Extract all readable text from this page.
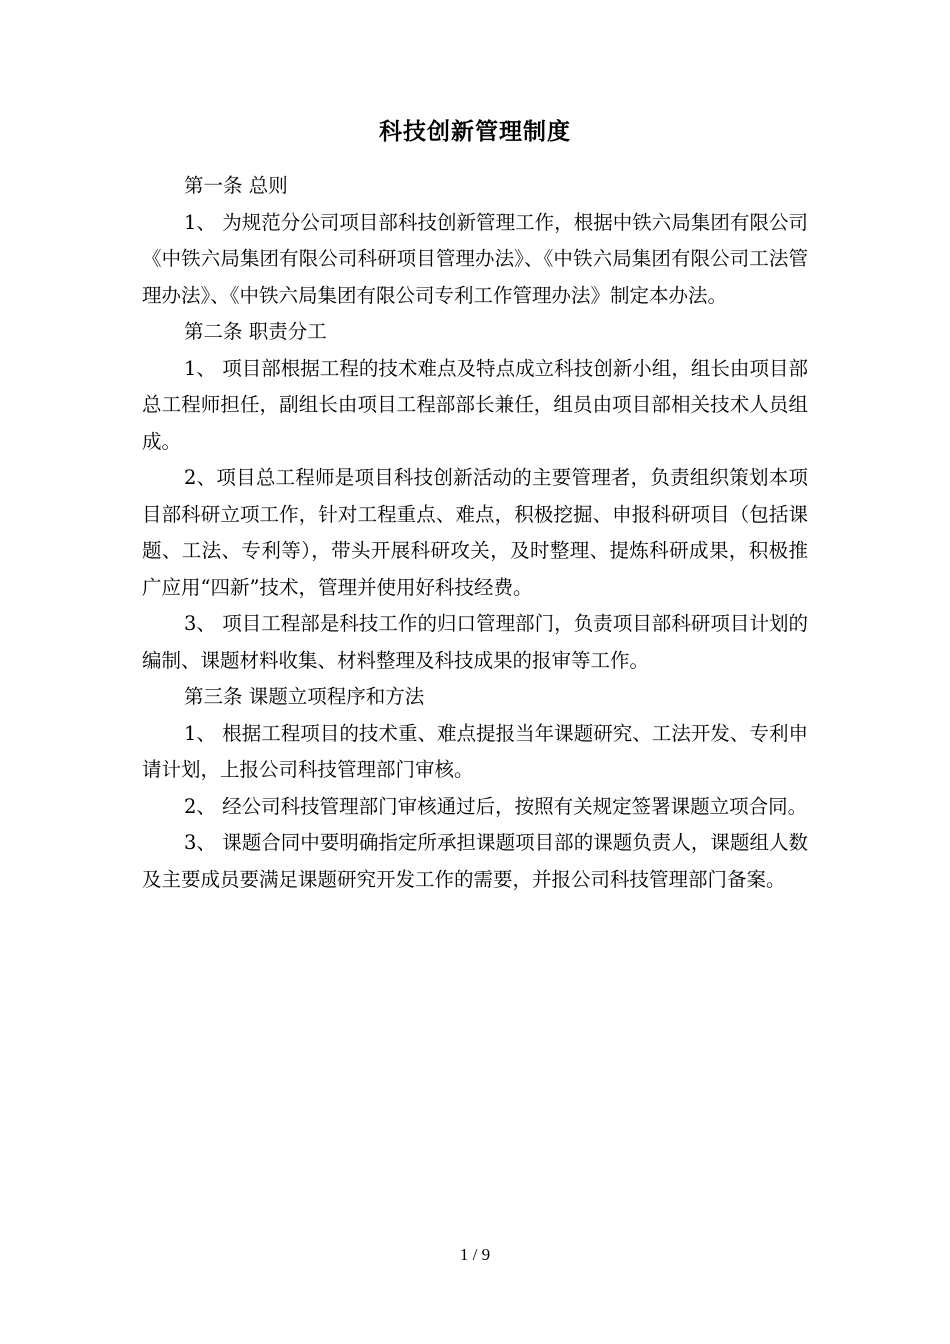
科技创新管理制度

第一条 总则

1、 为规范分公司项目部科技创新管理工作，根据中铁六局集团有限公司《中铁六局集团有限公司科研项目管理办法》、《中铁六局集团有限公司工法管理办法》、《中铁六局集团有限公司专利工作管理办法》制定本办法。

第二条 职责分工

1、 项目部根据工程的技术难点及特点成立科技创新小组，组长由项目部总工程师担任，副组长由项目工程部部长兼任，组员由项目部相关技术人员组成。

2、项目总工程师是项目科技创新活动的主要管理者，负责组织策划本项目部科研立项工作，针对工程重点、难点，积极挖掘、申报科研项目（包括课题、工法、专利等），带头开展科研攻关，及时整理、提炼科研成果，积极推广应用“四新”技术，管理并使用好科技经费。

3、 项目工程部是科技工作的归口管理部门，负责项目部科研项目计划的编制、课题材料收集、材料整理及科技成果的报审等工作。

第三条 课题立项程序和方法

1、 根据工程项目的技术重、难点提报当年课题研究、工法开发、专利申请计划，上报公司科技管理部门审核。

2、 经公司科技管理部门审核通过后，按照有关规定签署课题立项合同。

3、 课题合同中要明确指定所承担课题项目部的课题负责人，课题组人数及主要成员要满足课题研究开发工作的需要，并报公司科技管理部门备案。

1 / 9
